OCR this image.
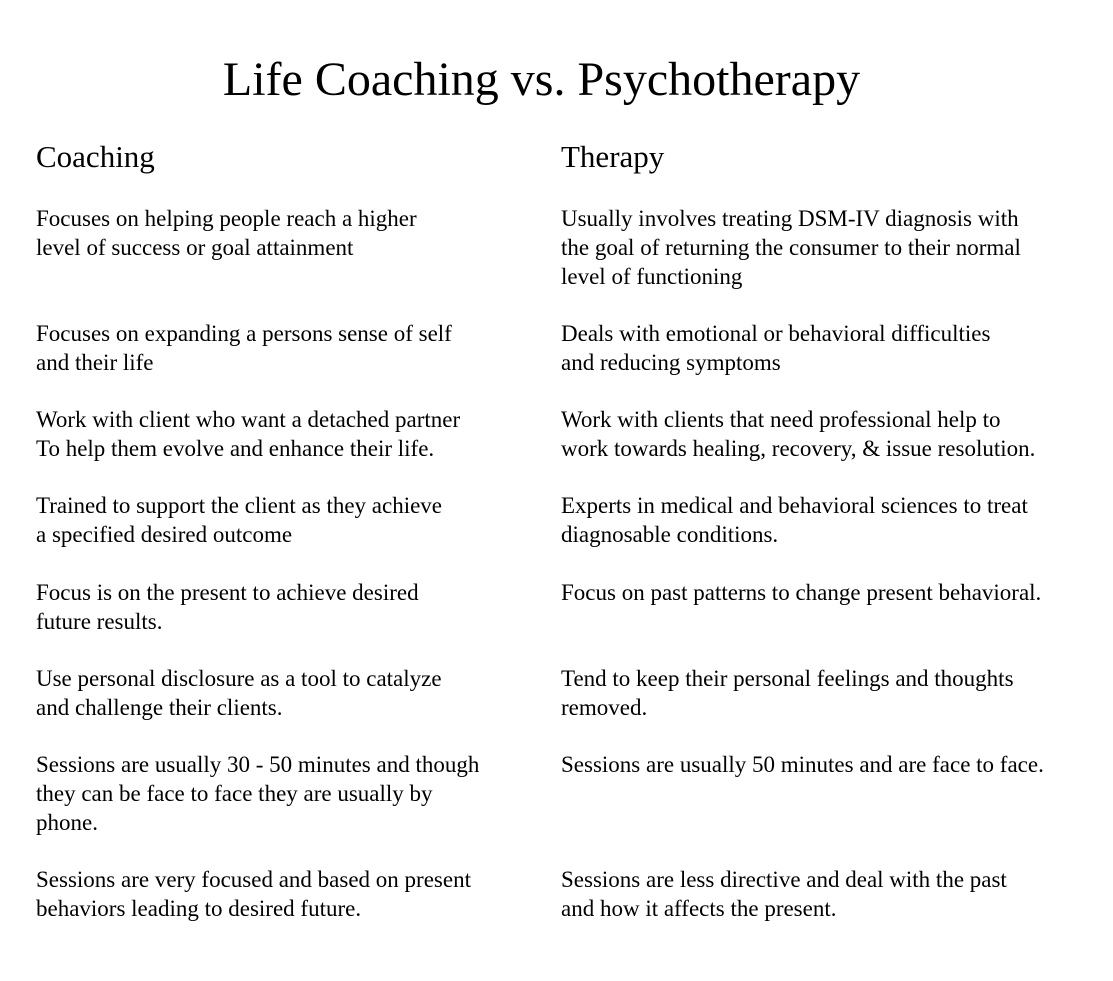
Life Coaching vs. Psychotherapy
Coaching
Focuses on helping people reach a higher
level of success or goal attainment
Focuses on expanding a persons sense of self
and their life
Work with client who want a detached partner
To help them evolve and enhance their life.
Trained to support the client as they achieve
a specified desired outcome
Focus is on the present to achieve desired
future results.
Use personal disclosure as a tool to catalyze
and challenge their clients.
Sessions are usually 30 - 50 minutes and though
they can be face to face they are usually by
phone.
Sessions are very focused and based on present
behaviors leading to desired future.
Therapy
Usually involves treating DSM-IV diagnosis with
the goal of returning the consumer to their normal
level of functioning
Deals with emotional or behavioral difficulties
and reducing symptoms
Work with clients that need professional help to
work towards healing, recovery, & issue resolution.
Experts in medical and behavioral sciences to treat
diagnosable conditions.
Focus on past patterns to change present behavioral.
Tend to keep their personal feelings and thoughts
removed.
Sessions are usually 50 minutes and are face to face.
Sessions are less directive and deal with the past
and how it affects the present.
